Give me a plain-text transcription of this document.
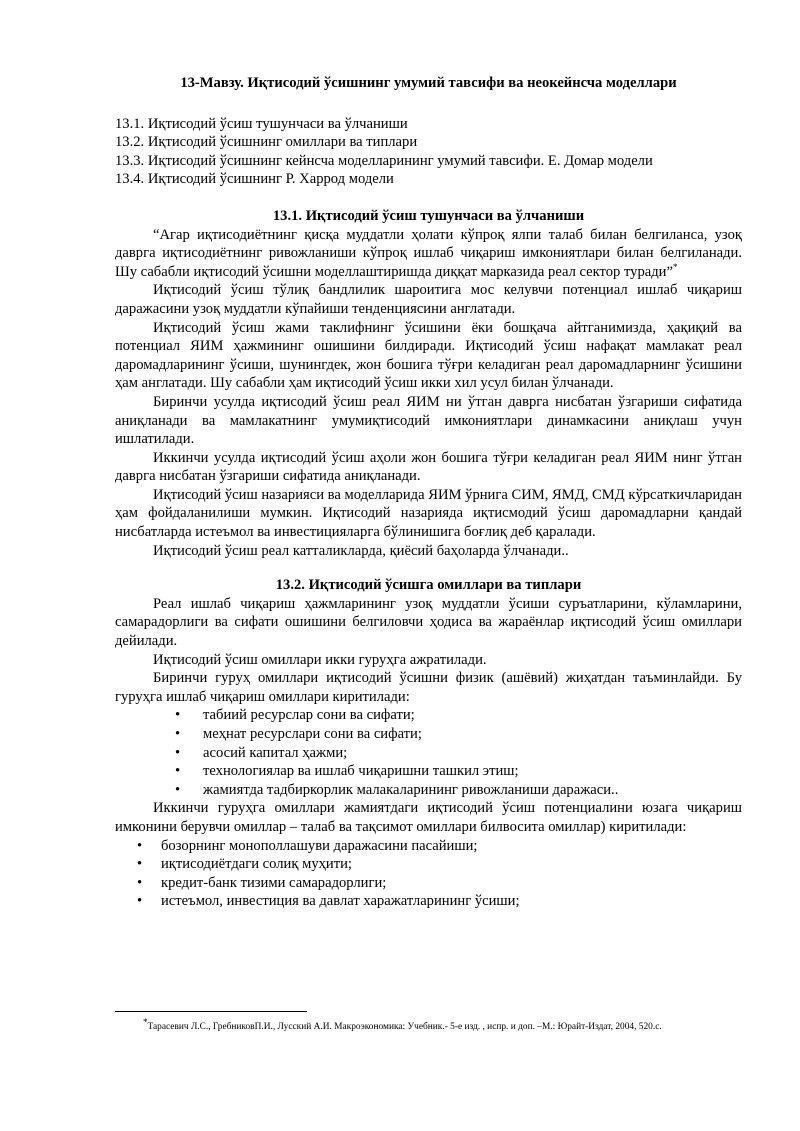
13-Мавзу. Иқтисодий ўсишнинг умумий тавсифи ва неокейнсча моделлари
13.1. Иқтисодий ўсиш тушунчаси ва ўлчаниши
13.2. Иқтисодий ўсишнинг омиллари ва типлари
13.3. Иқтисодий ўсишнинг кейнсча моделларининг умумий тавсифи. Е. Домар модели
13.4. Иқтисодий ўсишнинг Р. Харрод модели
13.1. Иқтисодий ўсиш тушунчаси ва ўлчаниши

“Агар иқтисодиётнинг қисқа муддатли ҳолати кўпроқ ялпи талаб билан белгиланса, узоқ даврга иқтисодиётнинг ривожланиши кўпроқ ишлаб чиқариш имкониятлари билан белгиланади. Шу сабабли иқтисодий ўсишни моделлаштиришда диққат марказида реал сектор туради”*

Иқтисодий ўсиш тўлиқ бандлилик шароитига мос келувчи потенциал ишлаб чиқариш даражасини узоқ муддатли кўпайиши тенденциясини англатади.

Иқтисодий ўсиш жами таклифнинг ўсишини ёки бошқача айтганимизда, ҳақиқий ва потенциал ЯИМ ҳажмининг ошишини билдиради. Иқтисодий ўсиш нафақат мамлакат реал даромадларининг ўсиши, шунингдек, жон бошига тўғри келадиган реал даромадларнинг ўсишини ҳам англатади. Шу сабабли ҳам иқтисодий ўсиш икки хил усул билан ўлчанади.

Биринчи усулда иқтисодий ўсиш реал ЯИМ ни ўтган даврга нисбатан ўзгариши сифатида аниқланади ва мамлакатнинг умумиқтисодий имкониятлари динамкасини аниқлаш учун ишлатилади.

Иккинчи усулда иқтисодий ўсиш аҳоли жон бошига тўғри келадиган реал ЯИМ нинг ўтган даврга нисбатан ўзгариши сифатида аниқланади.

Иқтисодий ўсиш назарияси ва моделларида ЯИМ ўрнига СИМ, ЯМД, СМД кўрсаткичларидан ҳам фойдаланилиши мумкин. Иқтисодий назарияда иқтисмодий ўсиш даромадларни қандай нисбатларда истеъмол ва инвестицияларга бўлинишига боғлиқ деб қаралади.

Иқтисодий ўсиш реал катталикларда, қиёсий баҳоларда ўлчанади..

13.2. Иқтисодий ўсишга омиллари ва типлари

Реал ишлаб чиқариш ҳажмларининг узоқ муддатли ўсиши суръатларини, кўламларини, самарадорлиги ва сифати ошишини белгиловчи ҳодиса ва жараёнлар иқтисодий ўсиш омиллари дейилади.

Иқтисодий ўсиш омиллари икки гуруҳга ажратилади.

Биринчи гуруҳ омиллари иқтисодий ўсишни физик (ашёвий) жиҳатдан таъминлайди. Бу гуруҳга ишлаб чиқариш омиллари киритилади:

• табиий ресурслар сони ва сифати;
• меҳнат ресурслари сони ва сифати;
• асосий капитал ҳажми;
• технологиялар ва ишлаб чиқаришни ташкил этиш;
• жамиятда тадбиркорлик малакаларининг ривожланиши даражаси..

Иккинчи гуруҳга омиллари жамиятдаги иқтисодий ўсиш потенциалини юзага чиқариш имконини берувчи омиллар – талаб ва тақсимот омиллари билвосита омиллар) киритилади:

• бозорнинг монополлашуви даражасини пасайиши;
• иқтисодиётдаги солиқ муҳити;
• кредит-банк тизими самарадорлиги;
• истеъмол, инвестиция ва давлат харажатларининг ўсиши;
*Тарасевич Л.С., ГребниковП.И., Лусский А.И. Макроэкономика: Учебник.- 5-е изд. , испр. и доп. –М.: Юрайт-Издат, 2004, 520.с.
